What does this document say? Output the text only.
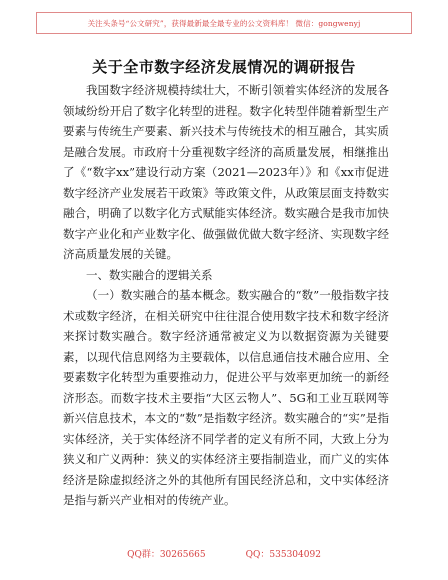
关注头条号“公文研究”，获得最新最全最专业的公文资料库！ 微信：gongwenyj
关于全市数字经济发展情况的调研报告

我国数字经济规模持续壮大，不断引领着实体经济的发展各领域纷纷开启了数字化转型的进程。数字化转型伴随着新型生产要素与传统生产要素、新兴技术与传统技术的相互融合，其实质是融合发展。市政府十分重视数字经济的高质量发展，相继推出了《“数字xx”建设行动方案（2021—2023年）》和《xx市促进数字经济产业发展若干政策》等政策文件，从政策层面支持数实融合，明确了以数字化方式赋能实体经济。数实融合是我市加快数字产业化和产业数字化、做强做优做大数字经济、实现数字经济高质量发展的关键。

一、数实融合的逻辑关系

（一）数实融合的基本概念。数实融合的“数”一般指数字技术或数字经济，在相关研究中往往混合使用数字技术和数字经济来探讨数实融合。数字经济通常被定义为以数据资源为关键要素，以现代信息网络为主要载体，以信息通信技术融合应用、全要素数字化转型为重要推动力，促进公平与效率更加统一的新经济形态。而数字技术主要指“大区云物人”、5G和工业互联网等新兴信息技术，本文的“数”是指数字经济。数实融合的“实”是指实体经济，关于实体经济不同学者的定义有所不同，大致上分为狭义和广义两种：狭义的实体经济主要指制造业，而广义的实体经济是除虚拟经济之外的其他所有国民经济总和，文中实体经济是指与新兴产业相对的传统产业。

QQ群：30265665	QQ：535304092
